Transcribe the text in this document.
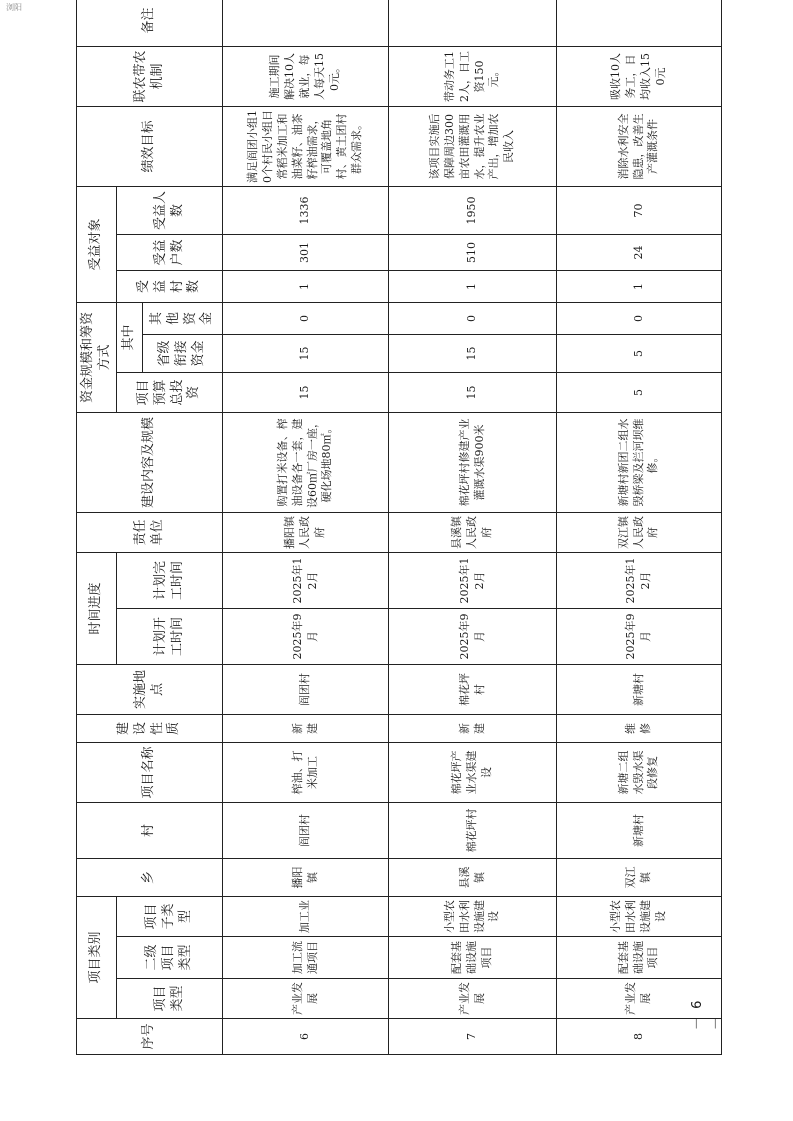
浏阳
序号	项目类别			乡	村	项目名称	建设性质	实施地点	时间进度		责任单位	建设内容及规模	资金规模和筹资方式			受益对象			绩效目标	联农带农机制	备注
	项目类型	二级项目类型	项目子类型						计划开工时间	计划完工时间			项目预算总投资	其中		受益村数	受益户数	受益人数			
														省级衔接资金	其他资金						
6	产业发展	加工流通项目	加工业	播阳镇	阎团村	榨油、打米加工	新建	阎团村	2025年9月	2025年12月	播阳镇人民政府	购置打米设备、榨油设备各一套，建设60㎡厂房一座，硬化场地80㎡。	15	15	0	1	301	1336	满足阎团小组10个村民小组日常稻米加工和油菜籽、油茶籽榨油需求，可覆盖地角村、黄土团村群众需求。	施工期间解决10人就业，每人每天150元。	
7	产业发展	配套基础设施项目	小型农田水利设施建设	县溪镇	棉花坪村	棉花坪产业水渠建设	新建	棉花坪村	2025年9月	2025年12月	县溪镇人民政府	棉花坪村修建产业灌溉水渠900米	15	15	0	1	510	1950	该项目实施后保障周边300亩农田灌溉用水，提升农业产出，增加农民收入	带动务工12人，日工资150元。	
8	产业发展	配套基础设施项目	小型农田水利设施建设	双江镇	新塘村	新塘二组水毁水渠段修复	维修	新塘村	2025年9月	2025年12月	双江镇人民政府	新塘村新团二组水毁桥梁及拦河坝维修。	5	5	0	1	24	70	消除水利安全隐患，改善生产灌溉条件	吸收10人务工，日均收入150元	
－ 6 －
